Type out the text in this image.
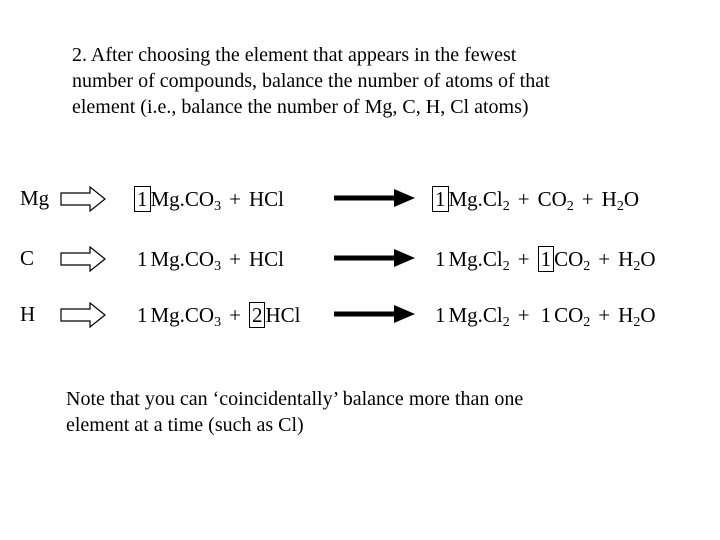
2. After choosing the element that appears in the fewest
number of compounds, balance the number of atoms of that
element (i.e., balance the number of Mg, C, H, Cl atoms)
Mg	1 $Mg.CO_3$ + HCl	1 $Mg.Cl_2 + CO_2 + H_2O$
C	1 $Mg.CO_3$ + HCl	1 $Mg.Cl_2 + 1$ $CO_2 + H_2O$
H	1 $Mg.CO_3 + 2$ HCl	1 $Mg.Cl_2 + 1$ $CO_2 + H_2O$
Note that you can ‘coincidentally’ balance more than one
element at a time (such as Cl)
